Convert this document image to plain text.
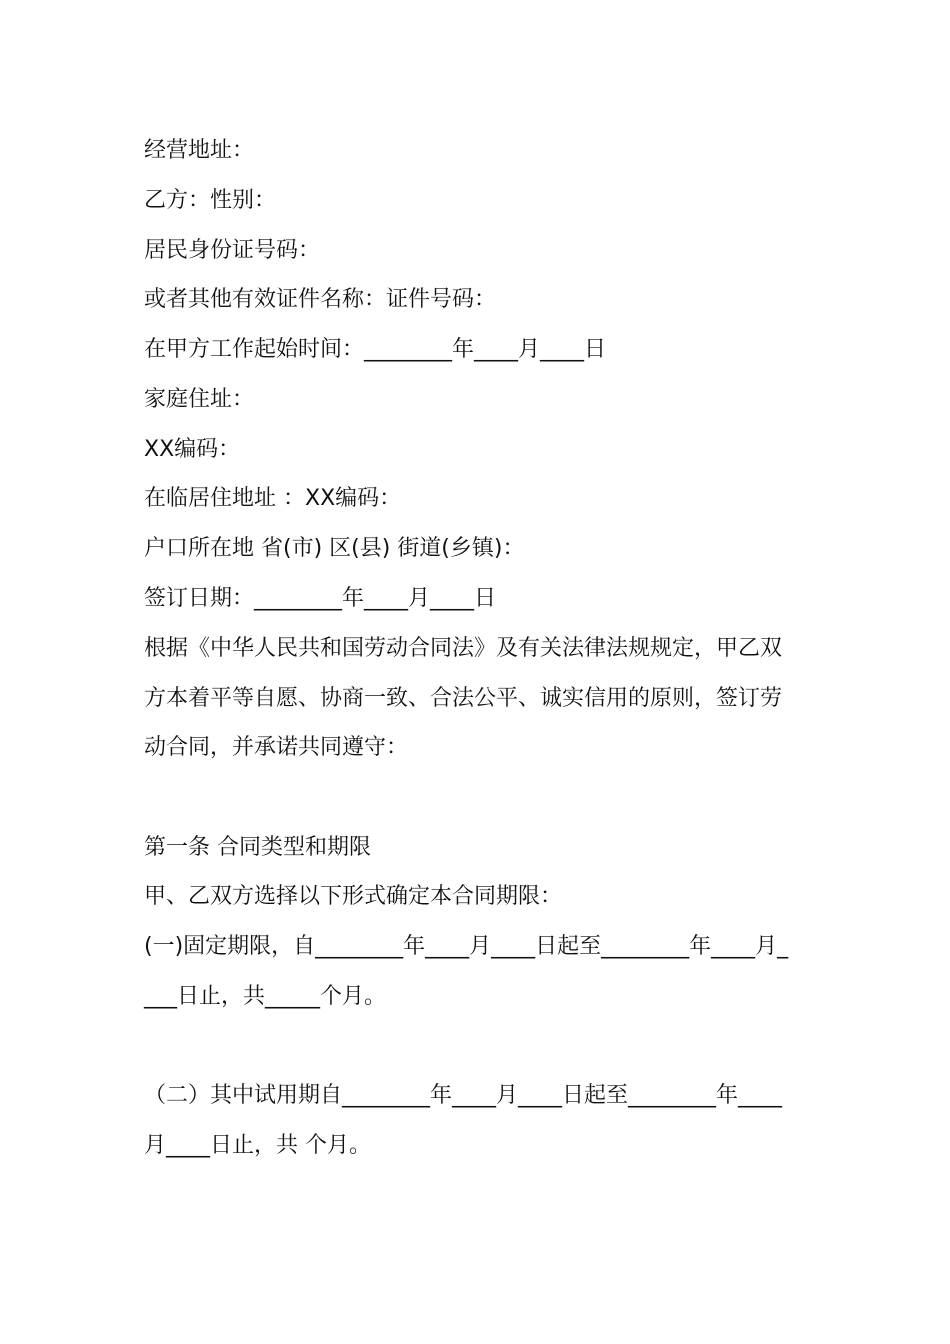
经营地址：
乙方：性别：
居民身份证号码：
或者其他有效证件名称：证件号码：
在甲方工作起始时间：________年____月____日
家庭住址：
XX编码：
在临居住地址 ：XX编码：
户口所在地 省(市) 区(县) 街道(乡镇)：
签订日期：________年____月____日
根据《中华人民共和国劳动合同法》及有关法律法规规定，甲乙双
方本着平等自愿、协商一致、合法公平、诚实信用的原则，签订劳
动合同，并承诺共同遵守：
第一条 合同类型和期限
甲、乙双方选择以下形式确定本合同期限：
(一)固定期限，自________年____月____日起至________年____月_
___日止，共_____个月。
（二）其中试用期自________年____月____日起至________年____
月____日止，共 个月。
